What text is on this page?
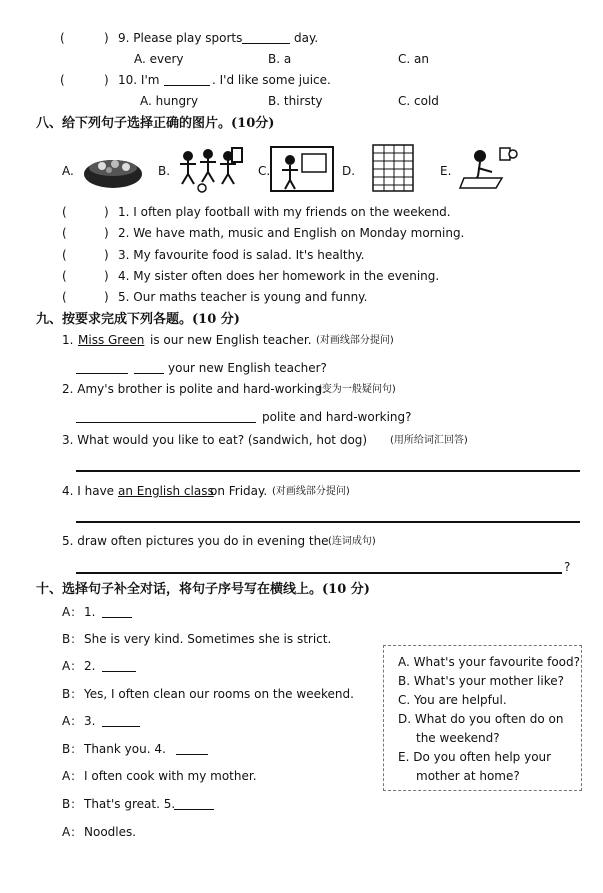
(	) 9. Please play sports	day.
A. every	B. a	C. an
(	) 10. I'm	. I'd like some juice.
A. hungry	B. thirsty	C. cold
八、给下列句子选择正确的图片。(10分)
A.	B.	C.	D.	E.
(	) 1. I often play football with my friends on the weekend.
(	) 2. We have math, music and English on Monday morning.
(	) 3. My favourite food is salad. It's healthy.
(	) 4. My sister often does her homework in the evening.
(	) 5. Our maths teacher is young and funny.
九、按要求完成下列各题。(10 分)
1. Miss Green is our new English teacher. (对画线部分提问)
your new English teacher?
2. Amy's brother is polite and hard-working.
(变为一般疑问句)
polite and hard-working?
3. What would you like to eat? (sandwich, hot dog) (用所给词汇回答)
4. I have an English class
on Friday. (对画线部分提问)
5. draw often pictures you do in evening the (连词成句)
?
十、选择句子补全对话，将句子序号写在横线上。(10 分)
A： 1.
B： She is very kind. Sometimes she is strict.
A： 2.
B： Yes, I often clean our rooms on the weekend.
A： 3.
B： Thank you. 4.
A： I often cook with my mother.
B： That's great. 5.
A： Noodles.
A. What's your favourite food?
B. What's your mother like?
C. You are helpful.
D. What do you often do on
the weekend?
E. Do you often help your
mother at home?
